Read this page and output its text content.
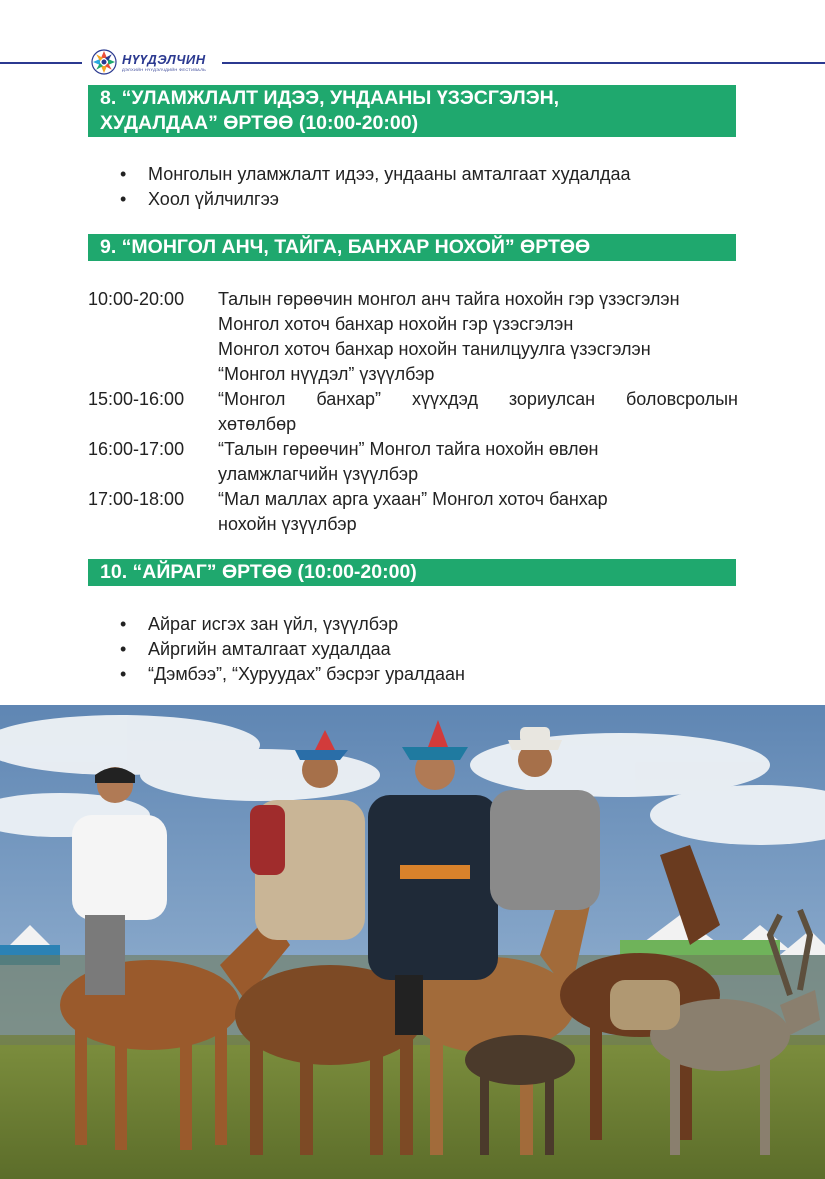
НҮҮДЭЛЧИН
ДЭЛХИЙН НҮҮДЭЛЧДИЙН ФЕСТИВАЛЬ
8. “УЛАМЖЛАЛТ ИДЭЭ, УНДААНЫ ҮЗЭСГЭЛЭН,
ХУДАЛДАА” ӨРТӨӨ (10:00-20:00)
• Монголын уламжлалт идээ, ундааны амталгаат худалдаа
• Хоол үйлчилгээ
9. “МОНГОЛ АНЧ, ТАЙГА, БАНХАР НОХОЙ” ӨРТӨӨ
10:00-20:00	Талын гөрөөчин монгол анч тайга нохойн гэр үзэсгэлэн
Монгол хоточ банхар нохойн гэр үзэсгэлэн
Монгол хоточ банхар нохойн танилцуулга үзэсгэлэн
“Монгол нүүдэл” үзүүлбэр
15:00-16:00	“Монгол банхар” хүүхдэд зориулсан боловсролын
хөтөлбөр
16:00-17:00	“Талын гөрөөчин” Монгол тайга нохойн өвлөн
уламжлагчийн үзүүлбэр
17:00-18:00	“Мал маллах арга ухаан” Монгол хоточ банхар
нохойн үзүүлбэр
10. “АЙРАГ” ӨРТӨӨ (10:00-20:00)
• Айраг исгэх зан үйл, үзүүлбэр
• Айргийн амталгаат худалдаа
• “Дэмбээ”, “Хуруудах” бэсрэг уралдаан
